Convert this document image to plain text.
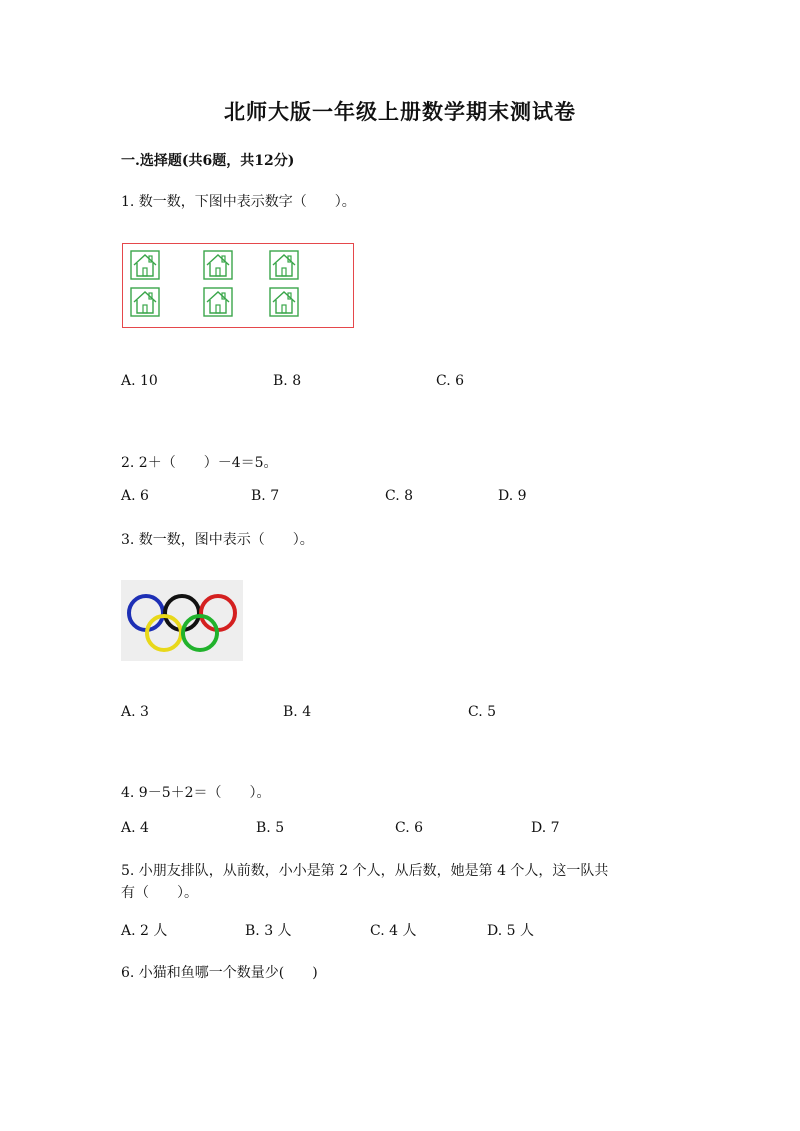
北师大版一年级上册数学期末测试卷
一.选择题(共6题，共12分)
1. 数一数，下图中表示数字（　　）。
A. 10	B. 8	C. 6
2. 2＋（　　）－4＝5。
A. 6	B. 7	C. 8	D. 9
3. 数一数，图中表示（　　）。
A. 3	B. 4	C. 5
4. 9－5＋2＝（　　）。
A. 4	B. 5	C. 6	D. 7
5. 小朋友排队，从前数，小小是第 2 个人，从后数，她是第 4 个人，这一队共
有（　　）。
A. 2 人	B. 3 人	C. 4 人	D. 5 人
6. 小猫和鱼哪一个数量少(　　)
